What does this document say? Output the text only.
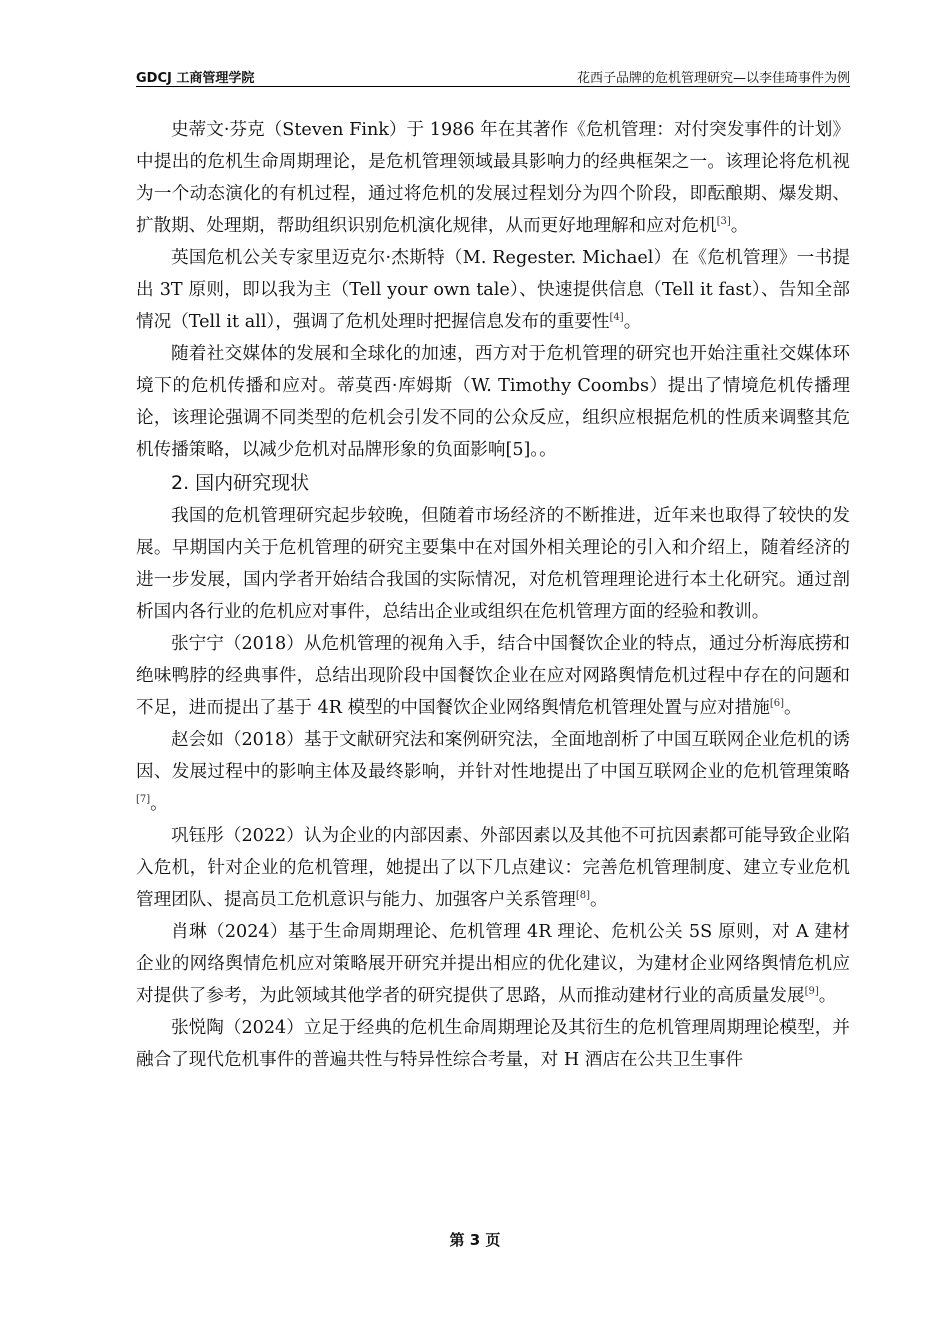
GDCJ 工商管理学院	花西子品牌的危机管理研究—以李佳琦事件为例

史蒂文·芬克（Steven Fink）于 1986 年在其著作《危机管理：对付突发事件的计划》中提出的危机生命周期理论，是危机管理领域最具影响力的经典框架之一。该理论将危机视为一个动态演化的有机过程，通过将危机的发展过程划分为四个阶段，即酝酿期、爆发期、扩散期、处理期，帮助组织识别危机演化规律，从而更好地理解和应对危机[3]。

英国危机公关专家里迈克尔·杰斯特（M. Regester. Michael）在《危机管理》一书提出 3T 原则，即以我为主（Tell your own tale）、快速提供信息（Tell it fast）、告知全部情况（Tell it all），强调了危机处理时把握信息发布的重要性[4]。

随着社交媒体的发展和全球化的加速，西方对于危机管理的研究也开始注重社交媒体环境下的危机传播和应对。蒂莫西·库姆斯（W. Timothy Coombs）提出了情境危机传播理论，该理论强调不同类型的危机会引发不同的公众反应，组织应根据危机的性质来调整其危机传播策略，以减少危机对品牌形象的负面影响[5]。。

2. 国内研究现状

我国的危机管理研究起步较晚，但随着市场经济的不断推进，近年来也取得了较快的发展。早期国内关于危机管理的研究主要集中在对国外相关理论的引入和介绍上，随着经济的进一步发展，国内学者开始结合我国的实际情况，对危机管理理论进行本土化研究。通过剖析国内各行业的危机应对事件，总结出企业或组织在危机管理方面的经验和教训。

张宁宁（2018）从危机管理的视角入手，结合中国餐饮企业的特点，通过分析海底捞和绝味鸭脖的经典事件，总结出现阶段中国餐饮企业在应对网路舆情危机过程中存在的问题和不足，进而提出了基于 4R 模型的中国餐饮企业网络舆情危机管理处置与应对措施[6]。

赵会如（2018）基于文献研究法和案例研究法，全面地剖析了中国互联网企业危机的诱因、发展过程中的影响主体及最终影响，并针对性地提出了中国互联网企业的危机管理策略[7]。

巩钰彤（2022）认为企业的内部因素、外部因素以及其他不可抗因素都可能导致企业陷入危机，针对企业的危机管理，她提出了以下几点建议：完善危机管理制度、建立专业危机管理团队、提高员工危机意识与能力、加强客户关系管理[8]。

肖琳（2024）基于生命周期理论、危机管理 4R 理论、危机公关 5S 原则，对 A 建材企业的网络舆情危机应对策略展开研究并提出相应的优化建议，为建材企业网络舆情危机应对提供了参考，为此领域其他学者的研究提供了思路，从而推动建材行业的高质量发展[9]。

张悦陶（2024）立足于经典的危机生命周期理论及其衍生的危机管理周期理论模型，并融合了现代危机事件的普遍共性与特异性综合考量，对 H 酒店在公共卫生事件

第 3 页
